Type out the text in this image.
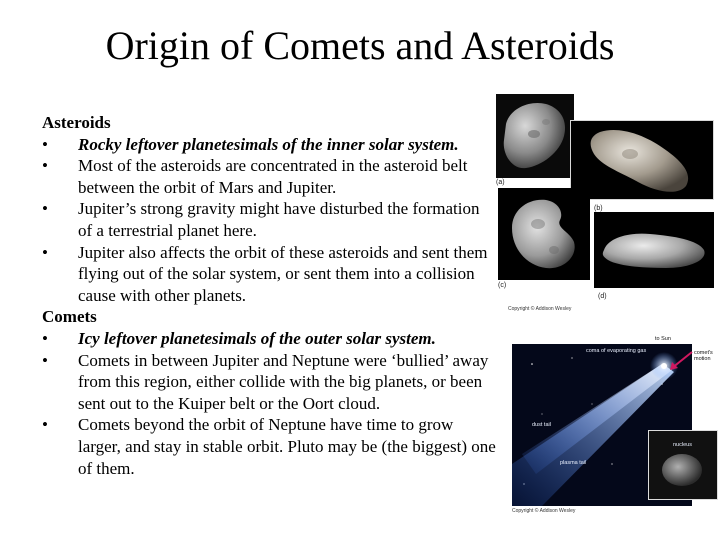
Origin of Comets and Asteroids
Asteroids
•	Rocky leftover planetesimals of the inner solar system.
•	Most of the asteroids are concentrated in the asteroid belt between the orbit of Mars and Jupiter.
•	Jupiter’s strong gravity might have disturbed the formation of a terrestrial planet here.
•	Jupiter also affects the orbit of these asteroids and sent them flying out of the solar system, or sent them into a collision cause with other planets.
Comets
•	Icy leftover planetesimals of the outer solar system.
•	Comets in between Jupiter and Neptune were ‘bullied’ away from this region, either collide with the big planets, or been sent out to the Kuiper belt or the Oort cloud.
•	Comets beyond the orbit of Neptune have time to grow larger, and stay in stable orbit. Pluto may be (the biggest) one of them.
(a)
(b)
(c)
(d)
Copyright © Addison Wesley
to Sun
coma of evaporating gas	comet's motion
dust tail
plasma tail
nucleus
Copyright © Addison Wesley
